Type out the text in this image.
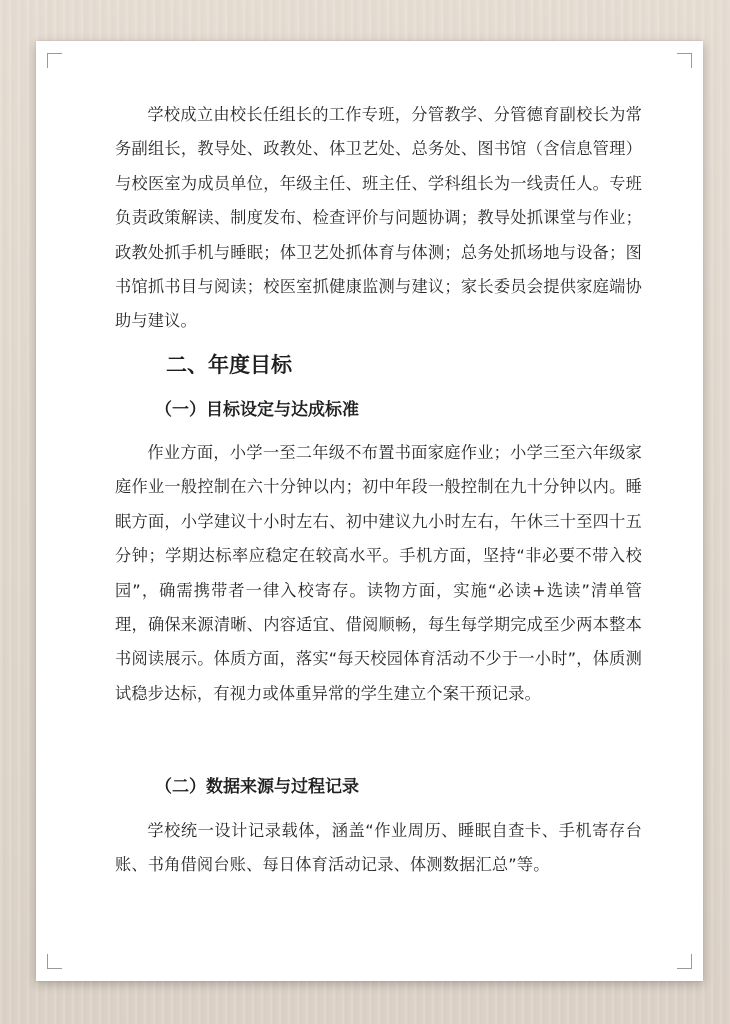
学校成立由校长任组长的工作专班，分管教学、分管德育副校长为常务副组长，教导处、政教处、体卫艺处、总务处、图书馆（含信息管理）与校医室为成员单位，年级主任、班主任、学科组长为一线责任人。专班负责政策解读、制度发布、检查评价与问题协调；教导处抓课堂与作业；政教处抓手机与睡眠；体卫艺处抓体育与体测；总务处抓场地与设备；图书馆抓书目与阅读；校医室抓健康监测与建议；家长委员会提供家庭端协助与建议。

二、年度目标
（一）目标设定与达成标准

作业方面，小学一至二年级不布置书面家庭作业；小学三至六年级家庭作业一般控制在六十分钟以内；初中年段一般控制在九十分钟以内。睡眠方面，小学建议十小时左右、初中建议九小时左右，午休三十至四十五分钟；学期达标率应稳定在较高水平。手机方面，坚持“非必要不带入校园”，确需携带者一律入校寄存。读物方面，实施“必读+选读”清单管理，确保来源清晰、内容适宜、借阅顺畅，每生每学期完成至少两本整本书阅读展示。体质方面，落实“每天校园体育活动不少于一小时”，体质测试稳步达标，有视力或体重异常的学生建立个案干预记录。

（二）数据来源与过程记录

学校统一设计记录载体，涵盖“作业周历、睡眠自查卡、手机寄存台账、书角借阅台账、每日体育活动记录、体测数据汇总”等。
